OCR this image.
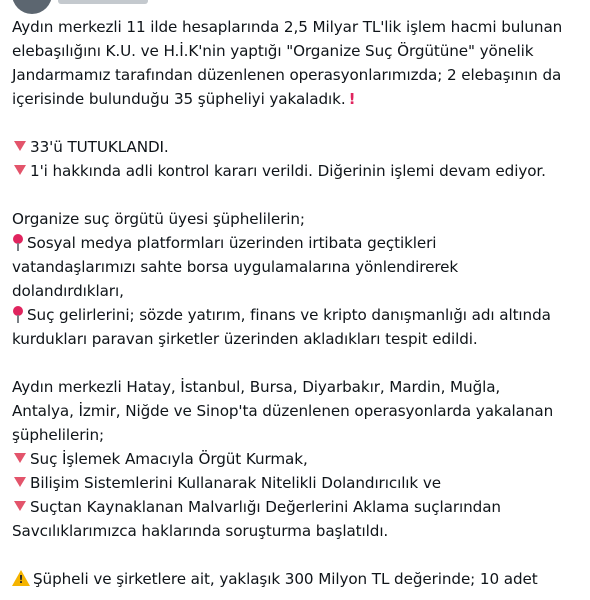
Aydın merkezli 11 ilde hesaplarında 2,5 Milyar TL'lik işlem hacmi bulunan
elebaşılığını K.U. ve H.İ.K'nin yaptığı "Organize Suç Örgütüne" yönelik
Jandarmamız tarafından düzenlenen operasyonlarımızda; 2 elebaşının da
içerisinde bulunduğu 35 şüpheliyi yakaladık. !
33'ü TUTUKLANDI.
1'i hakkında adli kontrol kararı verildi. Diğerinin işlemi devam ediyor.
Organize suç örgütü üyesi şüphelilerin;
Sosyal medya platformları üzerinden irtibata geçtikleri
vatandaşlarımızı sahte borsa uygulamalarına yönlendirerek
dolandırdıkları,
Suç gelirlerini; sözde yatırım, finans ve kripto danışmanlığı adı altında
kurdukları paravan şirketler üzerinden akladıkları tespit edildi.
Aydın merkezli Hatay, İstanbul, Bursa, Diyarbakır, Mardin, Muğla,
Antalya, İzmir, Niğde ve Sinop'ta düzenlenen operasyonlarda yakalanan
şüphelilerin;
Suç İşlemek Amacıyla Örgüt Kurmak,
Bilişim Sistemlerini Kullanarak Nitelikli Dolandırıcılık ve
Suçtan Kaynaklanan Malvarlığı Değerlerini Aklama suçlarından
Savcılıklarımızca haklarında soruşturma başlatıldı.
! Şüpheli ve şirketlere ait, yaklaşık 300 Milyon TL değerinde; 10 adet
